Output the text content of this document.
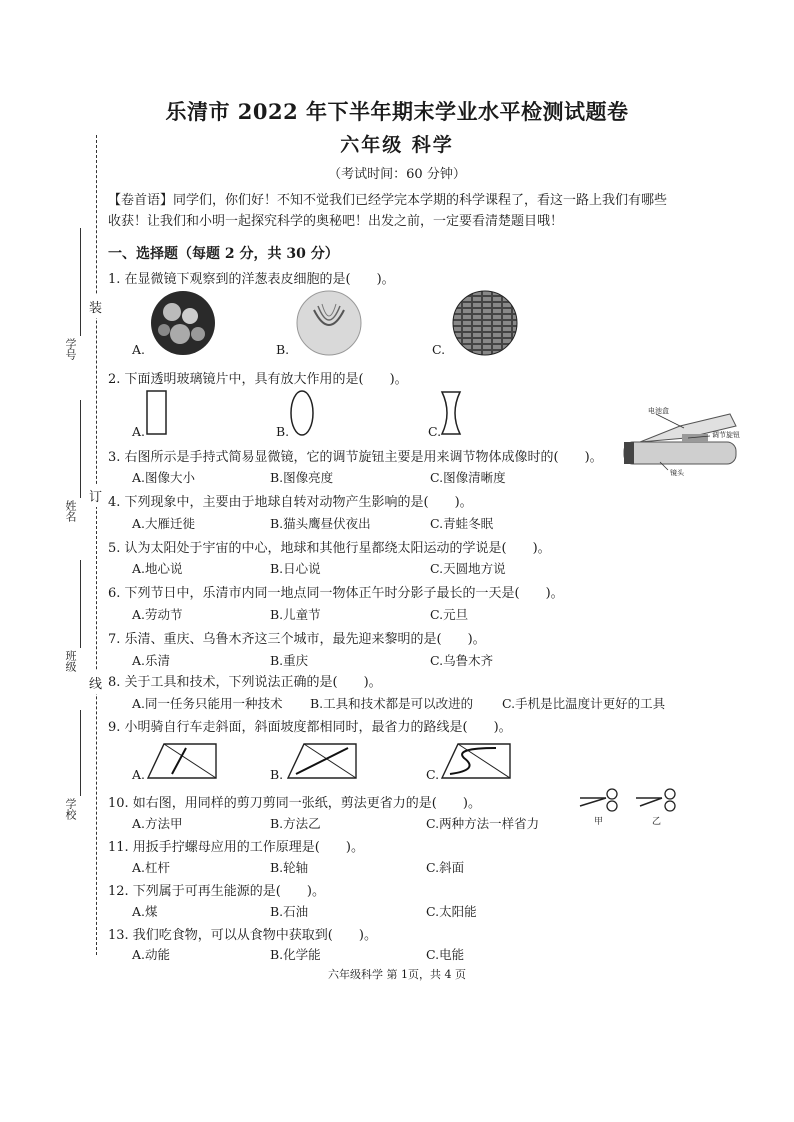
装
订
线
学号
姓名
班级
学校
乐清市 2022 年下半年期末学业水平检测试题卷
六年级 科学
（考试时间：60 分钟）
【卷首语】同学们，你们好！不知不觉我们已经学完本学期的科学课程了，看这一路上我们有哪些
收获！让我们和小明一起探究科学的奥秘吧！出发之前，一定要看清楚题目哦！
一、选择题（每题 2 分，共 30 分）
1. 在显微镜下观察到的洋葱表皮细胞的是(　　)。
A.	B.	C.
2. 下面透明玻璃镜片中，具有放大作用的是(　　)。
A.	B.	C.
电池盒
调节旋钮
镜头
3. 右图所示是手持式简易显微镜，它的调节旋钮主要是用来调节物体成像时的(　　)。
A.图像大小	B.图像亮度	C.图像清晰度
4. 下列现象中，主要由于地球自转对动物产生影响的是(　　)。
A.大雁迁徙	B.猫头鹰昼伏夜出	C.青蛙冬眠
5. 认为太阳处于宇宙的中心，地球和其他行星都绕太阳运动的学说是(　　)。
A.地心说	B.日心说	C.天圆地方说
6. 下列节日中，乐清市内同一地点同一物体正午时分影子最长的一天是(　　)。
A.劳动节	B.儿童节	C.元旦
7. 乐清、重庆、乌鲁木齐这三个城市，最先迎来黎明的是(　　)。
A.乐清	B.重庆	C.乌鲁木齐
8. 关于工具和技术，下列说法正确的是(　　)。
A.同一任务只能用一种技术 B.工具和技术都是可以改进的 C.手机是比温度计更好的工具
9. 小明骑自行车走斜面，斜面坡度都相同时，最省力的路线是(　　)。
A.	B.	C.
甲	乙
10. 如右图，用同样的剪刀剪同一张纸，剪法更省力的是(　　)。
A.方法甲	B.方法乙	C.两种方法一样省力
11. 用扳手拧螺母应用的工作原理是(　　)。
A.杠杆	B.轮轴	C.斜面
12. 下列属于可再生能源的是(　　)。
A.煤	B.石油	C.太阳能
13. 我们吃食物，可以从食物中获取到(　　)。
A.动能	B.化学能	C.电能
六年级科学 第 1页，共 4 页
